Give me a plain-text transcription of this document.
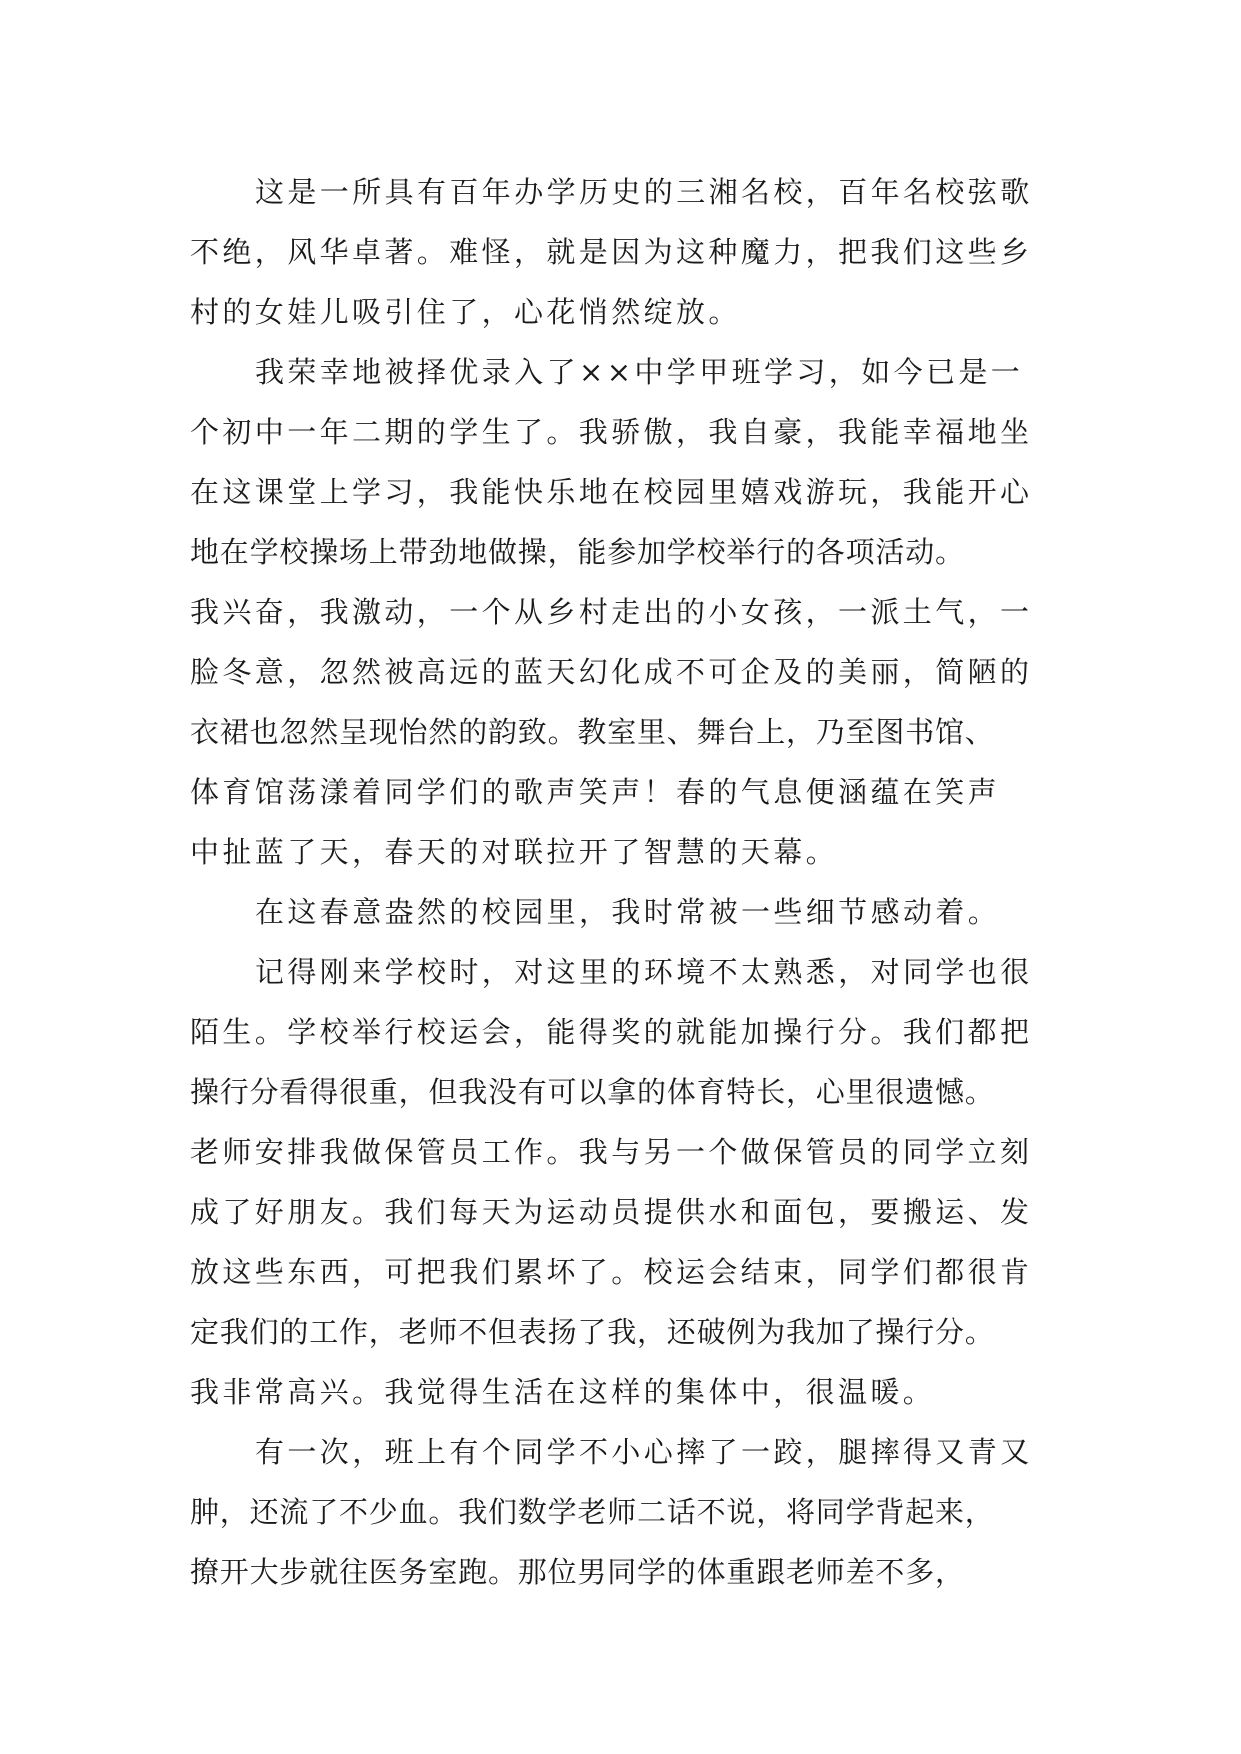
这是一所具有百年办学历史的三湘名校，百年名校弦歌
不绝，风华卓著。难怪，就是因为这种魔力，把我们这些乡
村的女娃儿吸引住了，心花悄然绽放。
我荣幸地被择优录入了××中学甲班学习，如今已是一
个初中一年二期的学生了。我骄傲，我自豪，我能幸福地坐
在这课堂上学习，我能快乐地在校园里嬉戏游玩，我能开心
地在学校操场上带劲地做操，能参加学校举行的各项活动。
我兴奋，我激动，一个从乡村走出的小女孩，一派土气，一
脸冬意，忽然被高远的蓝天幻化成不可企及的美丽，简陋的
衣裙也忽然呈现怡然的韵致。教室里、舞台上，乃至图书馆、
体育馆荡漾着同学们的歌声笑声！春的气息便涵蕴在笑声
中扯蓝了天，春天的对联拉开了智慧的天幕。
在这春意盎然的校园里，我时常被一些细节感动着。
记得刚来学校时，对这里的环境不太熟悉，对同学也很
陌生。学校举行校运会，能得奖的就能加操行分。我们都把
操行分看得很重，但我没有可以拿的体育特长，心里很遗憾。
老师安排我做保管员工作。我与另一个做保管员的同学立刻
成了好朋友。我们每天为运动员提供水和面包，要搬运、发
放这些东西，可把我们累坏了。校运会结束，同学们都很肯
定我们的工作，老师不但表扬了我，还破例为我加了操行分。
我非常高兴。我觉得生活在这样的集体中，很温暖。
有一次，班上有个同学不小心摔了一跤，腿摔得又青又
肿，还流了不少血。我们数学老师二话不说，将同学背起来，
撩开大步就往医务室跑。那位男同学的体重跟老师差不多，
